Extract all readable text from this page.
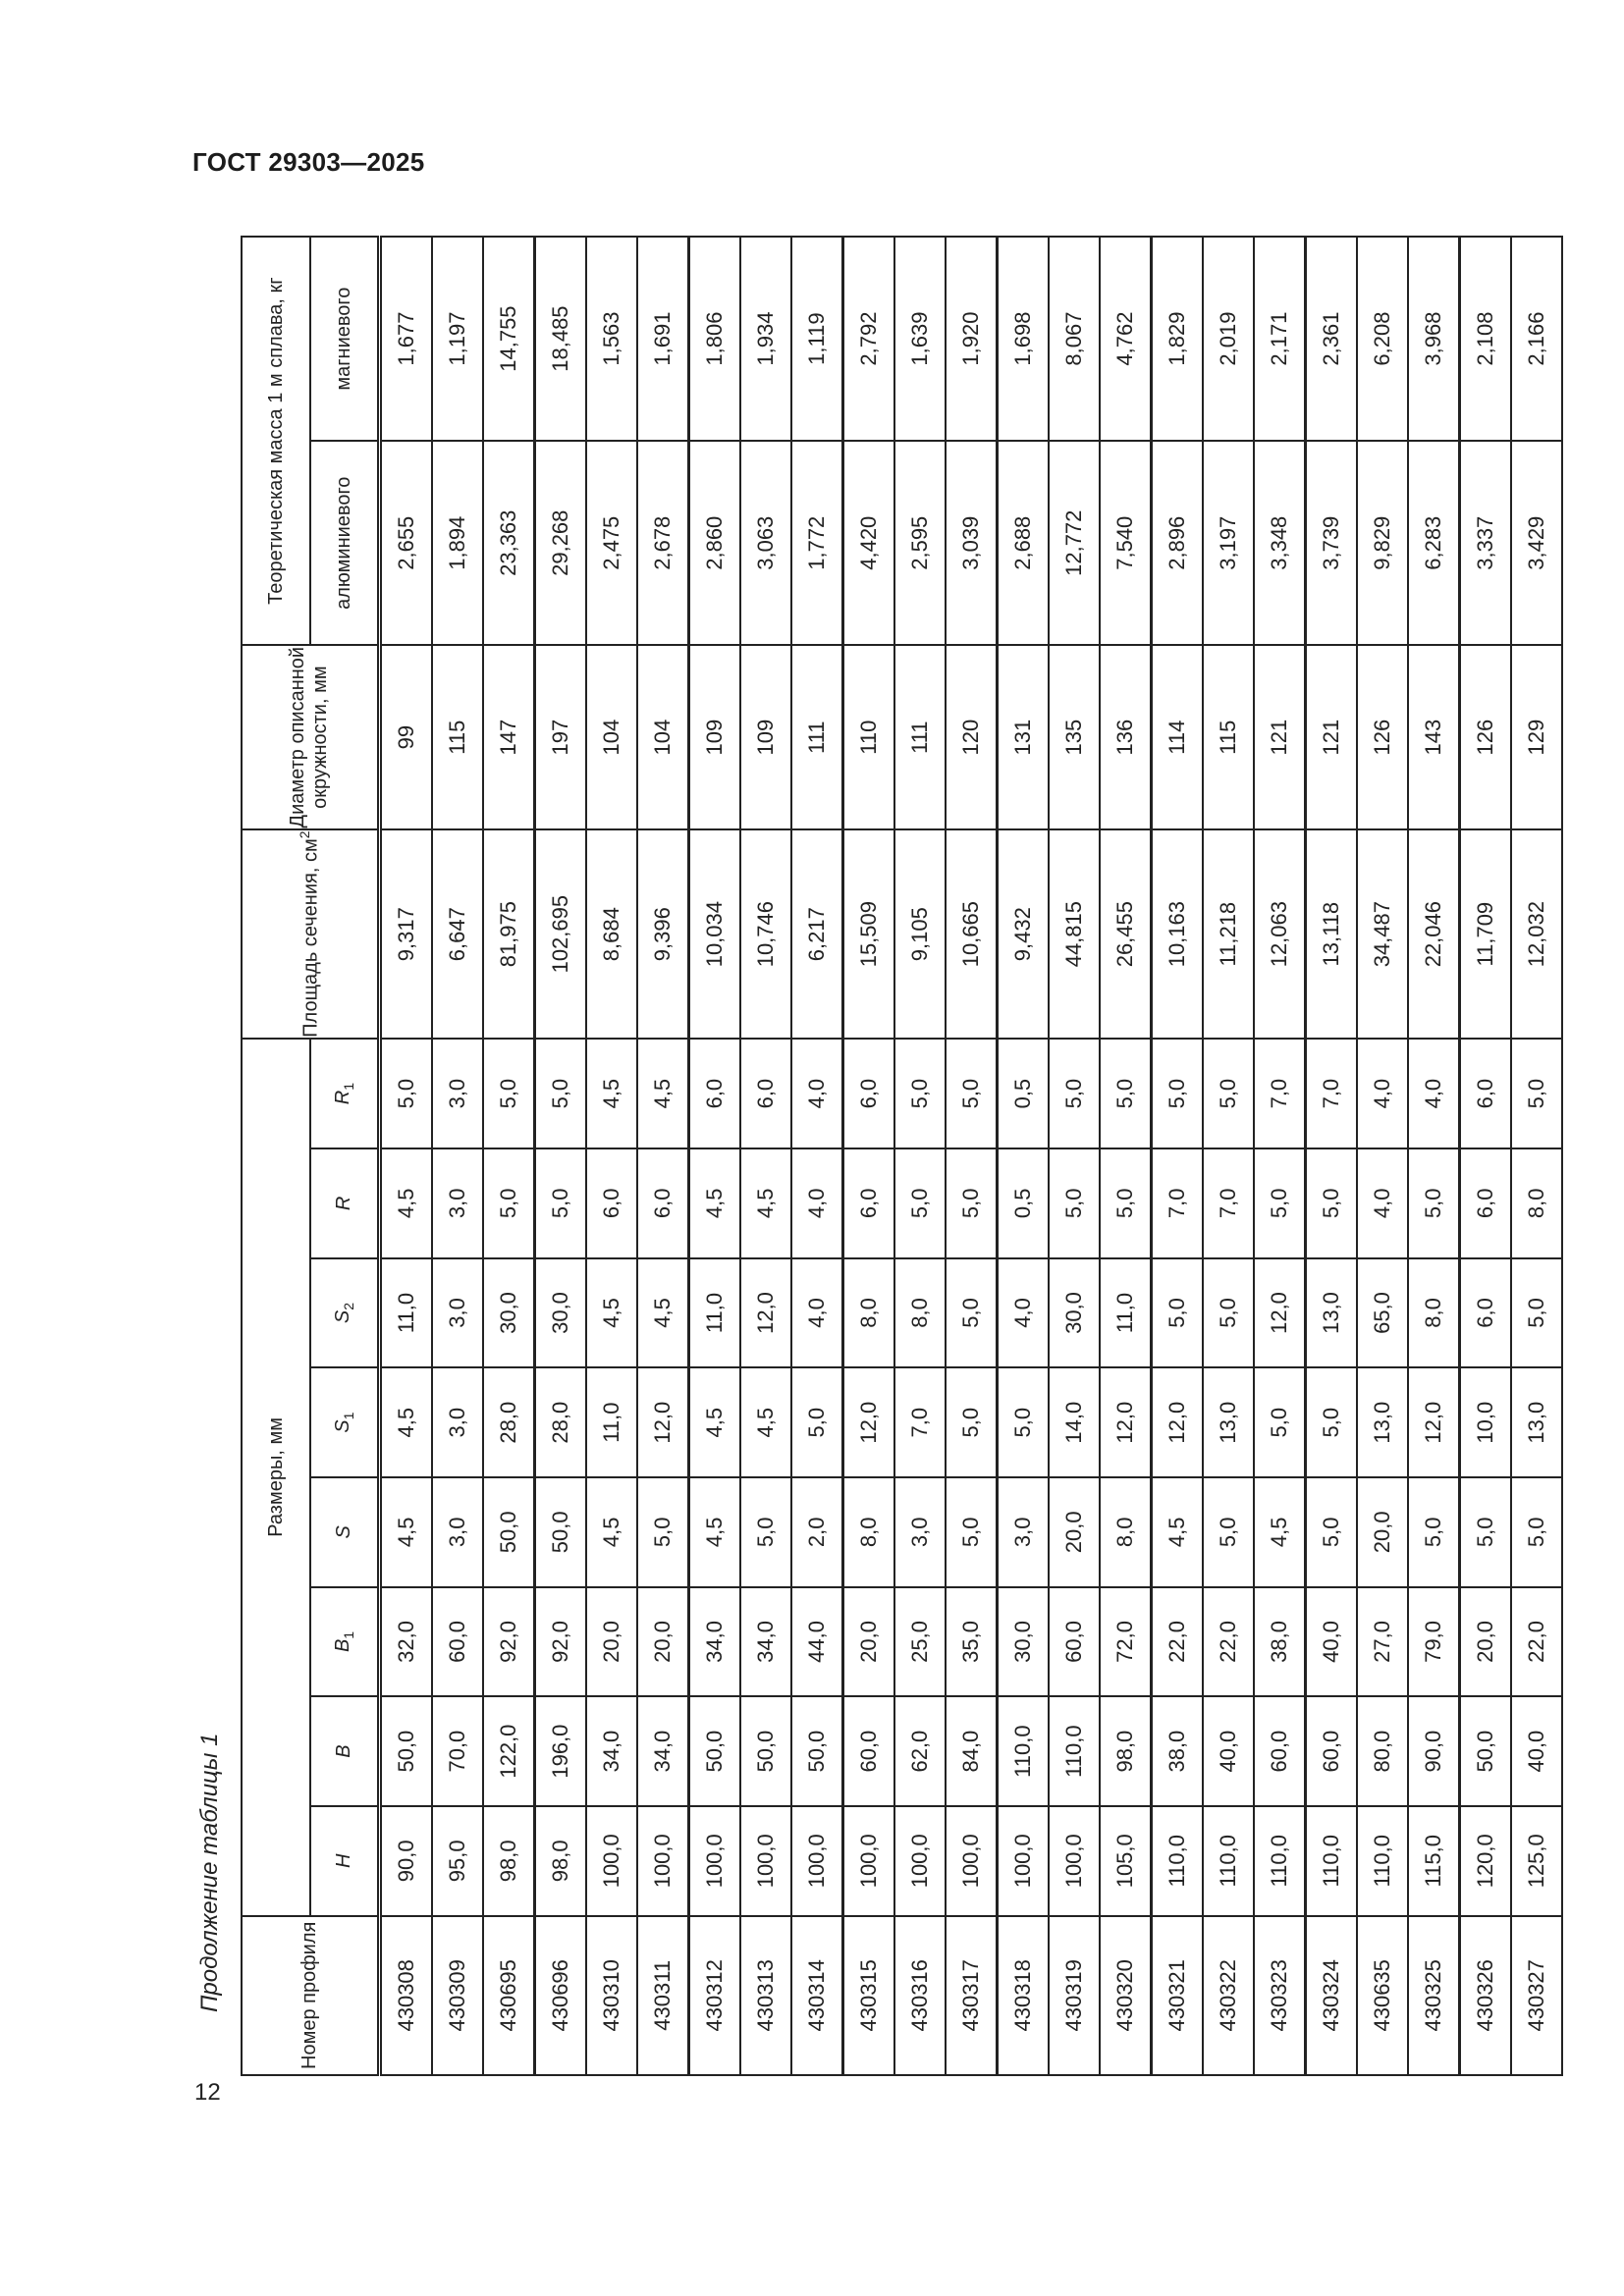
ГОСТ 29303—2025
Продолжение таблицы 1
12
Номер профиля	Размеры, мм								Площадь сечения, $см^2$	Диаметр описанной окружности, мм	Теоретическая масса 1 м сплава, кг	
	H	B	$B_1$	S	$S_1$	$S_2$	R	$R_1$			алюминиевого	магниевого
430308	90,0	50,0	32,0	4,5	4,5	11,0	4,5	5,0	9,317	99	2,655	1,677
430309	95,0	70,0	60,0	3,0	3,0	3,0	3,0	3,0	6,647	115	1,894	1,197
430695	98,0	122,0	92,0	50,0	28,0	30,0	5,0	5,0	81,975	147	23,363	14,755
430696	98,0	196,0	92,0	50,0	28,0	30,0	5,0	5,0	102,695	197	29,268	18,485
430310	100,0	34,0	20,0	4,5	11,0	4,5	6,0	4,5	8,684	104	2,475	1,563
430311	100,0	34,0	20,0	5,0	12,0	4,5	6,0	4,5	9,396	104	2,678	1,691
430312	100,0	50,0	34,0	4,5	4,5	11,0	4,5	6,0	10,034	109	2,860	1,806
430313	100,0	50,0	34,0	5,0	4,5	12,0	4,5	6,0	10,746	109	3,063	1,934
430314	100,0	50,0	44,0	2,0	5,0	4,0	4,0	4,0	6,217	111	1,772	1,119
430315	100,0	60,0	20,0	8,0	12,0	8,0	6,0	6,0	15,509	110	4,420	2,792
430316	100,0	62,0	25,0	3,0	7,0	8,0	5,0	5,0	9,105	111	2,595	1,639
430317	100,0	84,0	35,0	5,0	5,0	5,0	5,0	5,0	10,665	120	3,039	1,920
430318	100,0	110,0	30,0	3,0	5,0	4,0	0,5	0,5	9,432	131	2,688	1,698
430319	100,0	110,0	60,0	20,0	14,0	30,0	5,0	5,0	44,815	135	12,772	8,067
430320	105,0	98,0	72,0	8,0	12,0	11,0	5,0	5,0	26,455	136	7,540	4,762
430321	110,0	38,0	22,0	4,5	12,0	5,0	7,0	5,0	10,163	114	2,896	1,829
430322	110,0	40,0	22,0	5,0	13,0	5,0	7,0	5,0	11,218	115	3,197	2,019
430323	110,0	60,0	38,0	4,5	5,0	12,0	5,0	7,0	12,063	121	3,348	2,171
430324	110,0	60,0	40,0	5,0	5,0	13,0	5,0	7,0	13,118	121	3,739	2,361
430635	110,0	80,0	27,0	20,0	13,0	65,0	4,0	4,0	34,487	126	9,829	6,208
430325	115,0	90,0	79,0	5,0	12,0	8,0	5,0	4,0	22,046	143	6,283	3,968
430326	120,0	50,0	20,0	5,0	10,0	6,0	6,0	6,0	11,709	126	3,337	2,108
430327	125,0	40,0	22,0	5,0	13,0	5,0	8,0	5,0	12,032	129	3,429	2,166
